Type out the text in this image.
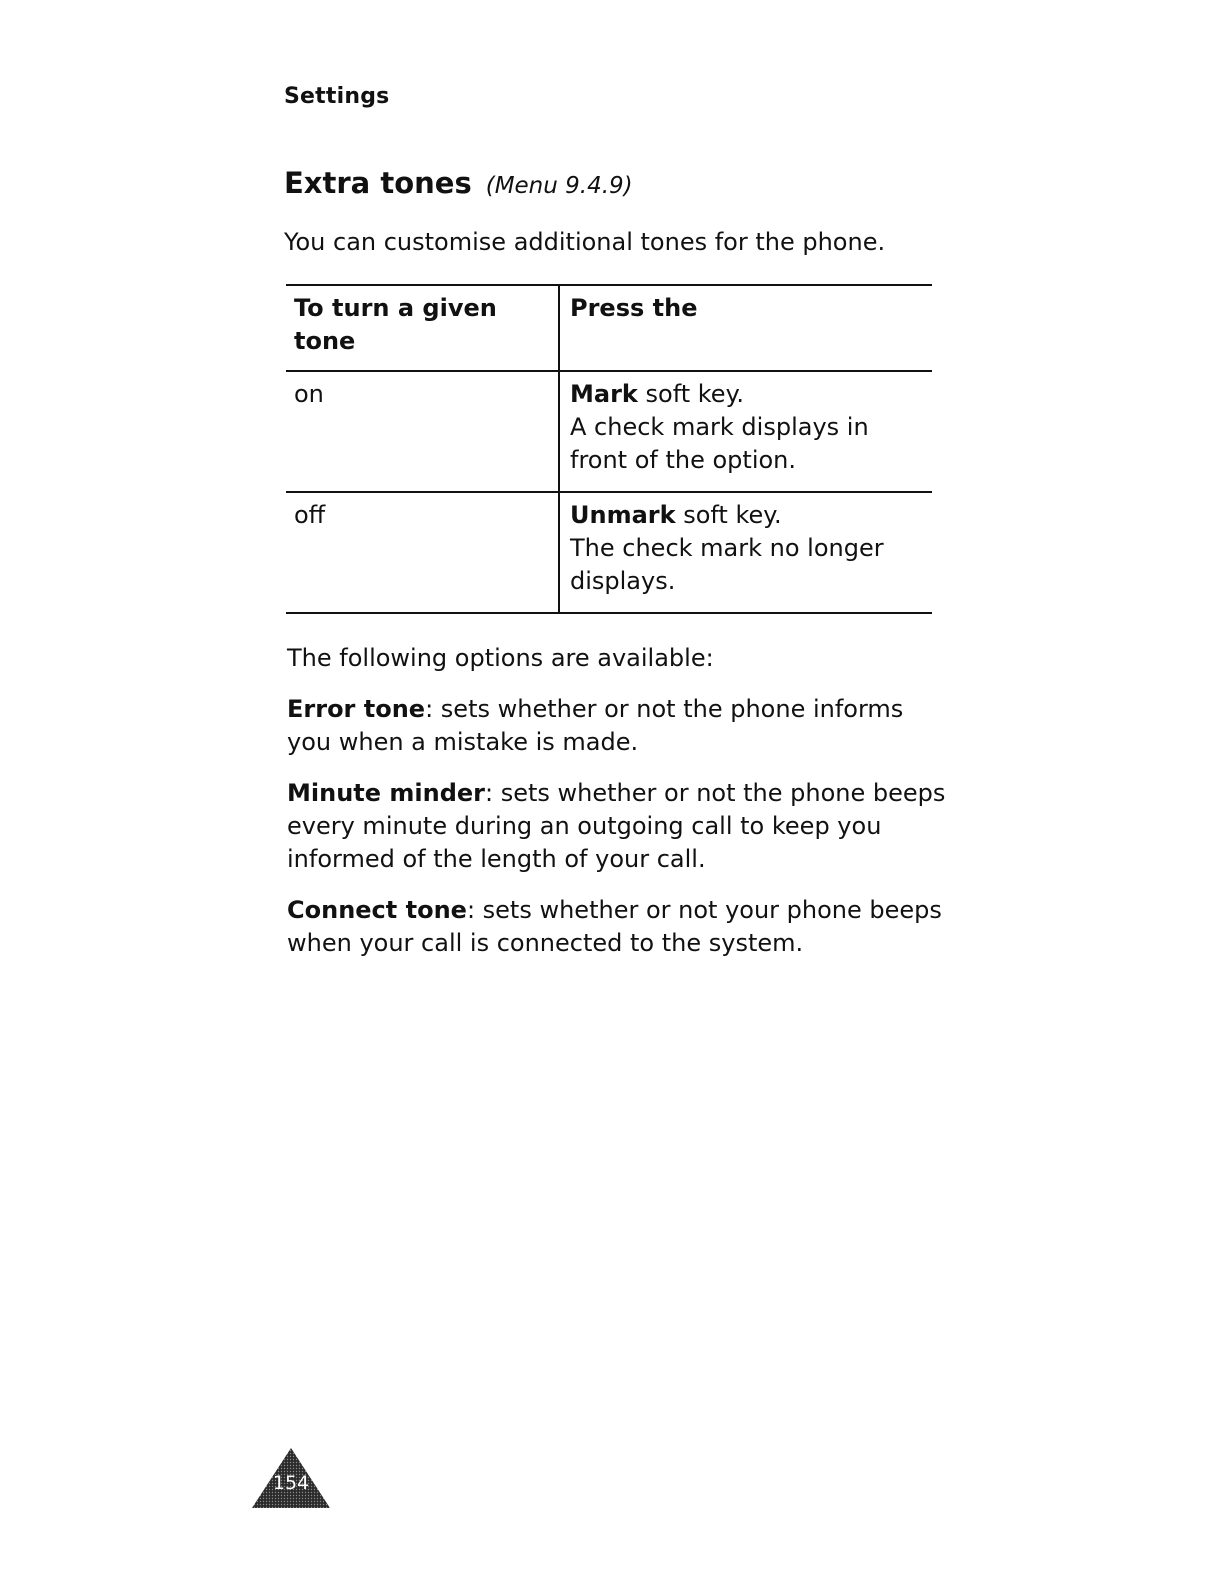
Settings
Extra tones (Menu 9.4.9)

You can customise additional tones for the phone.

To turn a given tone	Press the
on	Mark soft key.
A check mark displays in front of the option.
off	Unmark soft key.
The check mark no longer displays.

The following options are available:

Error tone: sets whether or not the phone informs you when a mistake is made.

Minute minder: sets whether or not the phone beeps every minute during an outgoing call to keep you informed of the length of your call.

Connect tone: sets whether or not your phone beeps when your call is connected to the system.

154
